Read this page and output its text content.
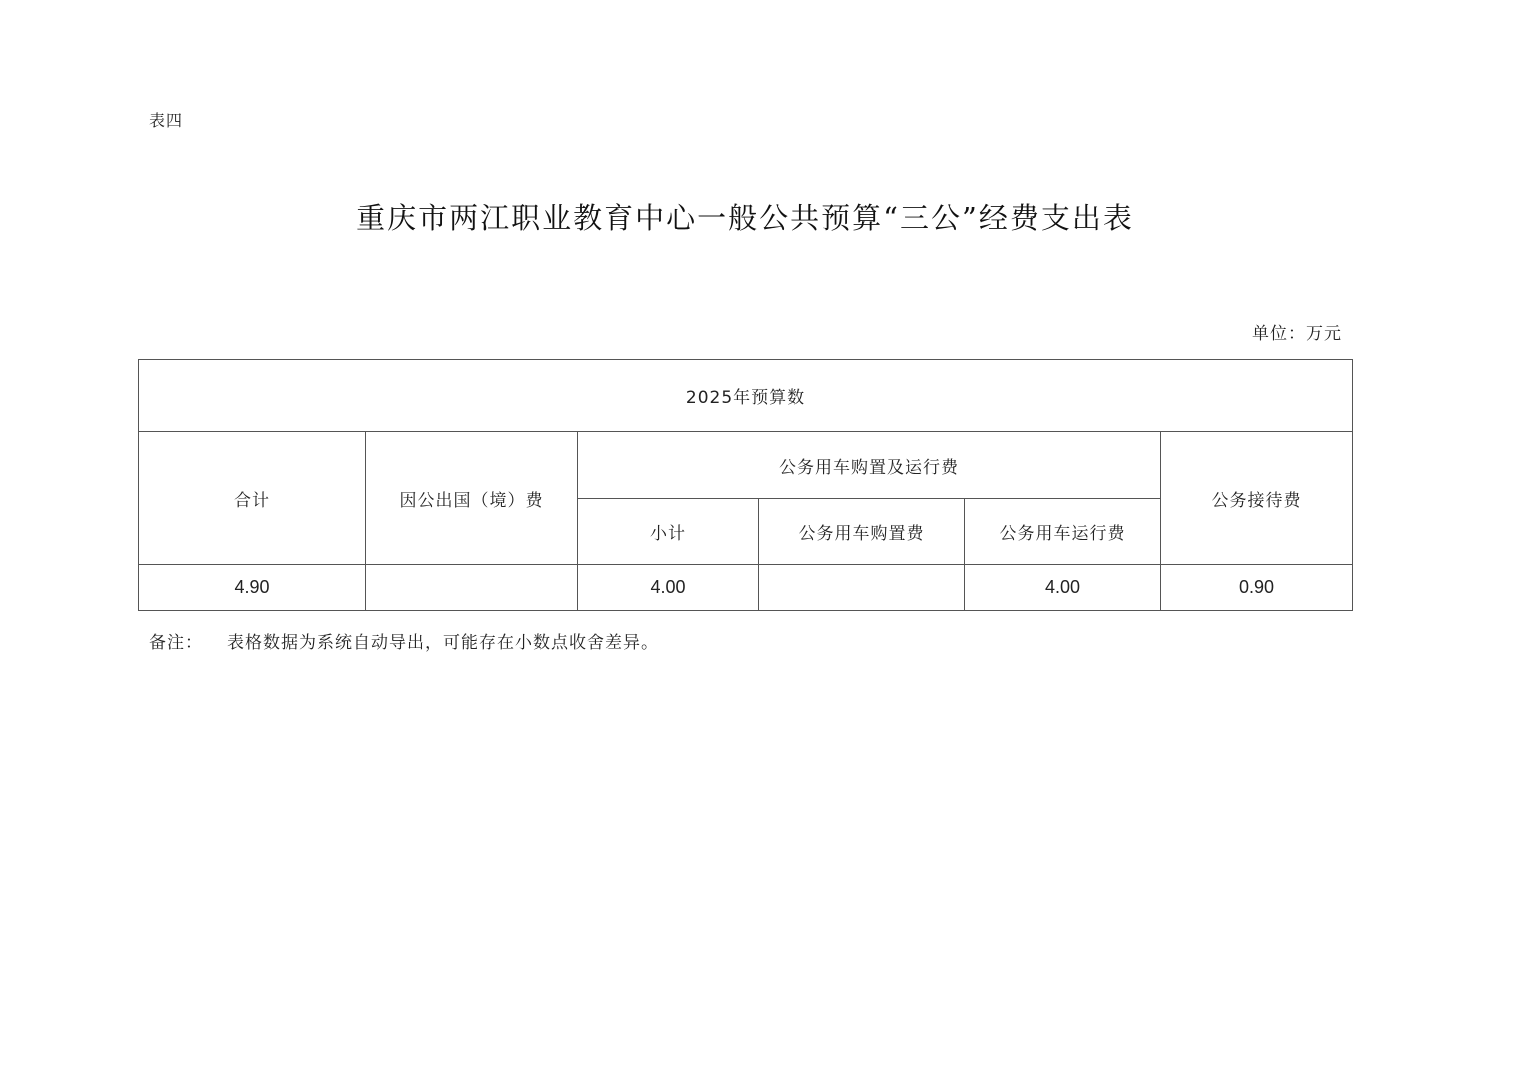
表四
重庆市两江职业教育中心一般公共预算“三公”经费支出表
单位：万元
2025年预算数					
合计	因公出国（境）费	公务用车购置及运行费			公务接待费
		小计	公务用车购置费	公务用车运行费	
4.90		4.00		4.00	0.90
备注： 表格数据为系统自动导出，可能存在小数点收舍差异。
